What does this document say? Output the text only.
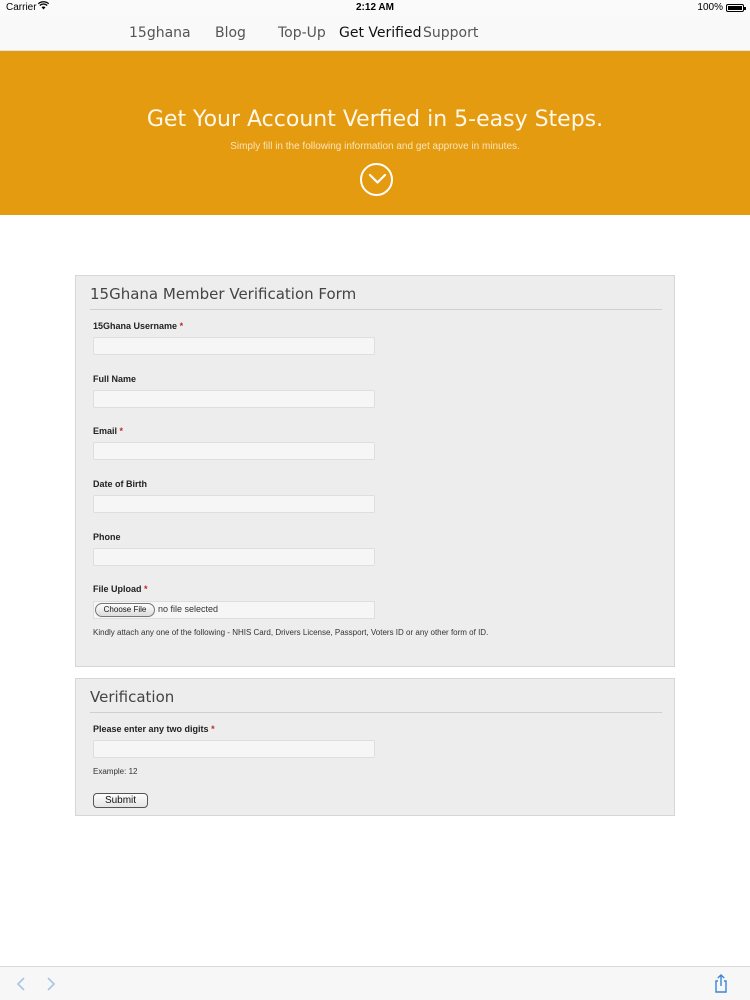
Carrier	2:12 AM	100%
15ghana Blog Top-Up Get Verified Support
Get Your Account Verfied in 5-easy Steps.
Simply fill in the following information and get approve in minutes.
15Ghana Member Verification Form
15Ghana Username *
Full Name
Email *
Date of Birth
Phone
File Upload *
Choose File	no file selected
Kindly attach any one of the following - NHIS Card, Drivers License, Passport, Voters ID or any other form of ID.
Verification
Please enter any two digits *
Example: 12
Submit
